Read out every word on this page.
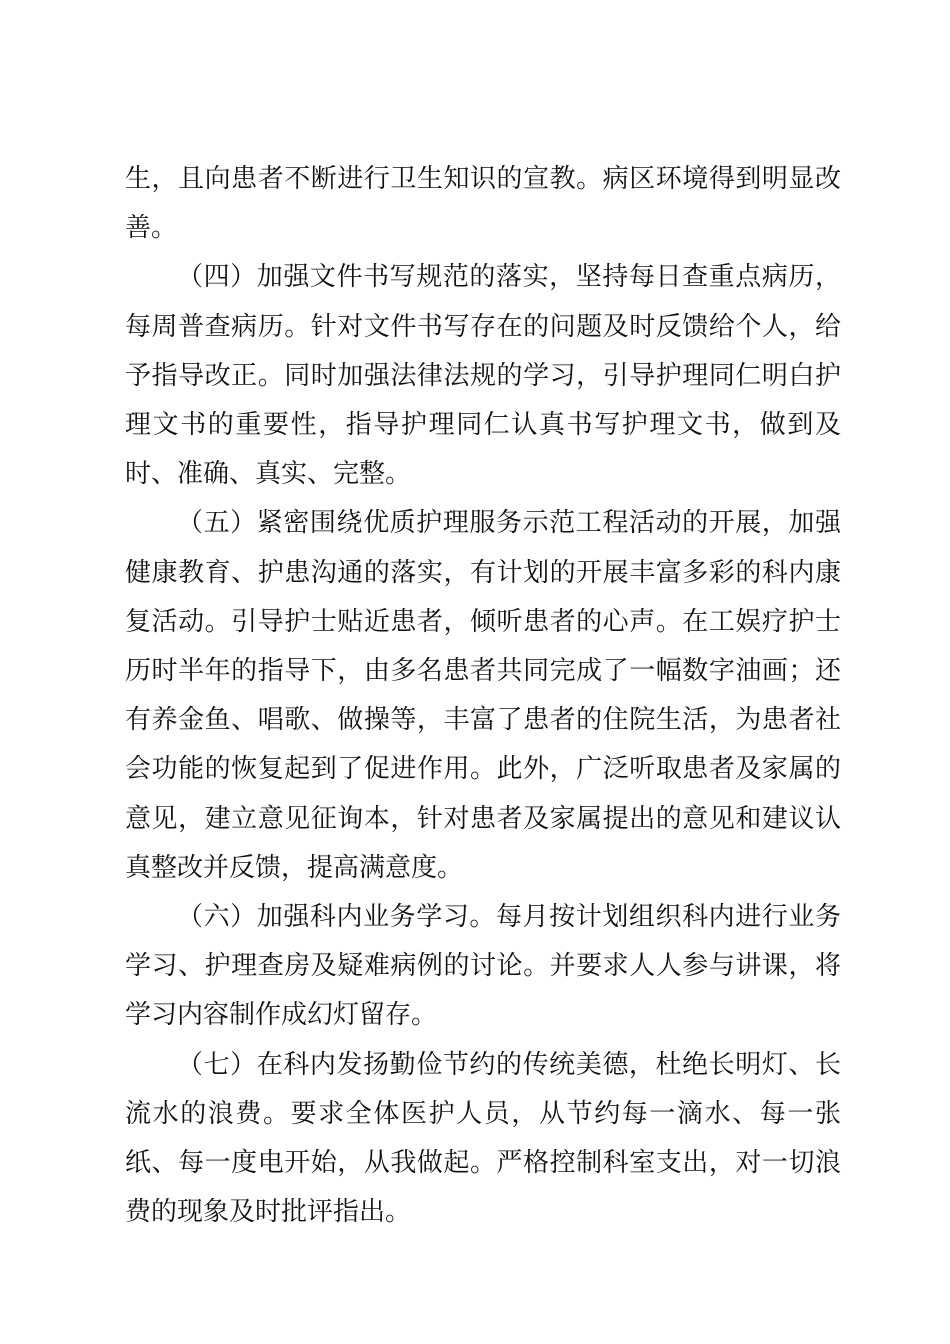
生，且向患者不断进行卫生知识的宣教。病区环境得到明显改善。

（四）加强文件书写规范的落实，坚持每日查重点病历，每周普查病历。针对文件书写存在的问题及时反馈给个人，给予指导改正。同时加强法律法规的学习，引导护理同仁明白护理文书的重要性，指导护理同仁认真书写护理文书，做到及时、准确、真实、完整。

（五）紧密围绕优质护理服务示范工程活动的开展，加强健康教育、护患沟通的落实，有计划的开展丰富多彩的科内康复活动。引导护士贴近患者，倾听患者的心声。在工娱疗护士历时半年的指导下，由多名患者共同完成了一幅数字油画；还有养金鱼、唱歌、做操等，丰富了患者的住院生活，为患者社会功能的恢复起到了促进作用。此外，广泛听取患者及家属的意见，建立意见征询本，针对患者及家属提出的意见和建议认真整改并反馈，提高满意度。

（六）加强科内业务学习。每月按计划组织科内进行业务学习、护理查房及疑难病例的讨论。并要求人人参与讲课，将学习内容制作成幻灯留存。

（七）在科内发扬勤俭节约的传统美德，杜绝长明灯、长流水的浪费。要求全体医护人员，从节约每一滴水、每一张纸、每一度电开始，从我做起。严格控制科室支出，对一切浪费的现象及时批评指出。
